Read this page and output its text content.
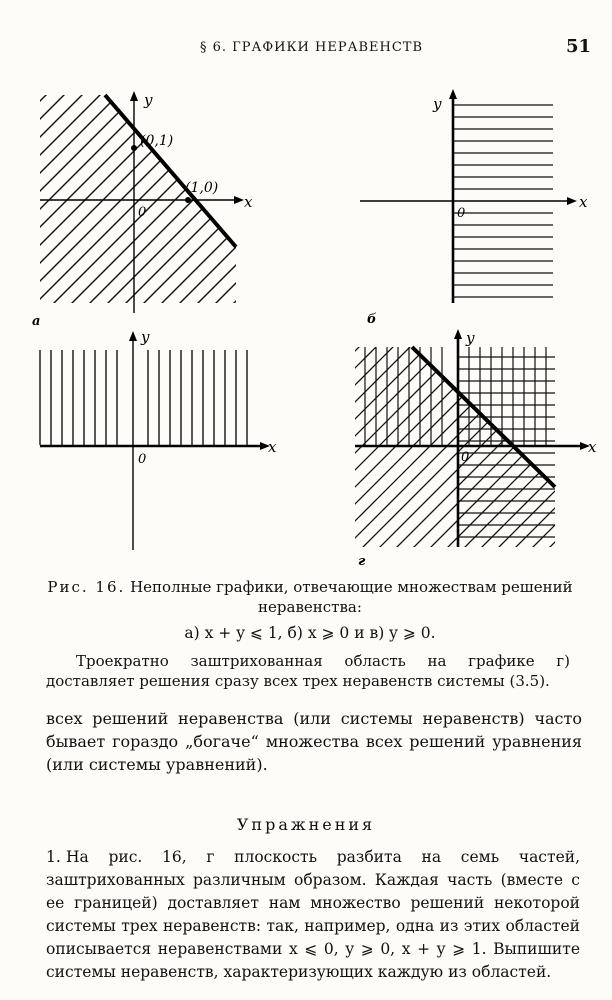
§ 6. ГРАФИКИ НЕРАВЕНСТВ	51
(0,1)
(1,0)
0
x
y
а
0
x
y
б
0
x
y
0
x
y
г
Рис. 16. Неполные графики, отвечающие множествам решений неравенства:
а) x + y ⩽ 1, б) x ⩾ 0 и в) y ⩾ 0.
Троекратно заштрихованная область на графике г) доставляет решения сразу всех трех неравенств системы (3.5).
всех решений неравенства (или системы неравенств) часто бывает гораздо „богаче“ множества всех решений уравнения (или системы уравнений).
Упражнения
1. На рис. 16, г плоскость разбита на семь частей, заштрихованных различным образом. Каждая часть (вместе с ее границей) доставляет нам множество решений некоторой системы трех неравенств: так, например, одна из этих областей описывается неравенствами x ⩽ 0, y ⩾ 0, x + y ⩾ 1. Выпишите системы неравенств, характеризующих каждую из областей.
